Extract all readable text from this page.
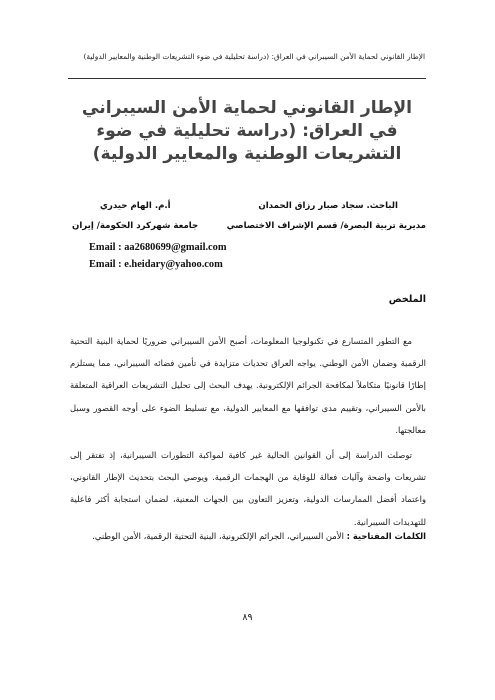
الإطار القانوني لحماية الأمن السيبراني في العراق: (دراسة تحليلية في ضوء التشريعات الوطنية والمعايير الدولية)
الإطار القانوني لحماية الأمن السيبراني في العراق: (دراسة تحليلية في ضوء التشريعات الوطنية والمعايير الدولية)
الباحث. سجاد صبار رزاق الحمدان
أ.م. الهام حيدري
مديرية تربية البصرة/ قسم الإشراف الاختصاصي
جامعة شهركرد الحكومة/ إيران
Email : aa2680699@gmail.com
Email : e.heidary@yahoo.com
الملخص
مع التطور المتسارع في تكنولوجيا المعلومات، أصبح الأمن السيبراني ضروريًا لحماية البنية التحتية الرقمية وضمان الأمن الوطني. يواجه العراق تحديات متزايدة في تأمين فضائه السيبراني، مما يستلزم إطارًا قانونيًا متكاملاً لمكافحة الجرائم الإلكترونية. يهدف البحث إلى تحليل التشريعات العراقية المتعلقة بالأمن السيبراني، وتقييم مدى توافقها مع المعايير الدولية، مع تسليط الضوء على أوجه القصور وسبل معالجتها.
توصلت الدراسة إلى أن القوانين الحالية غير كافية لمواكبة التطورات السيبرانية، إذ تفتقر إلى تشريعات واضحة وآليات فعالة للوقاية من الهجمات الرقمية. ويوصي البحث بتحديث الإطار القانوني، واعتماد أفضل الممارسات الدولية، وتعزيز التعاون بين الجهات المعنية، لضمان استجابة أكثر فاعلية للتهديدات السيبرانية.
الكلمات المفتاحية : الأمن السيبراني، الجرائم الإلكترونية، البنية التحتية الرقمية، الأمن الوطني.
٨٩
